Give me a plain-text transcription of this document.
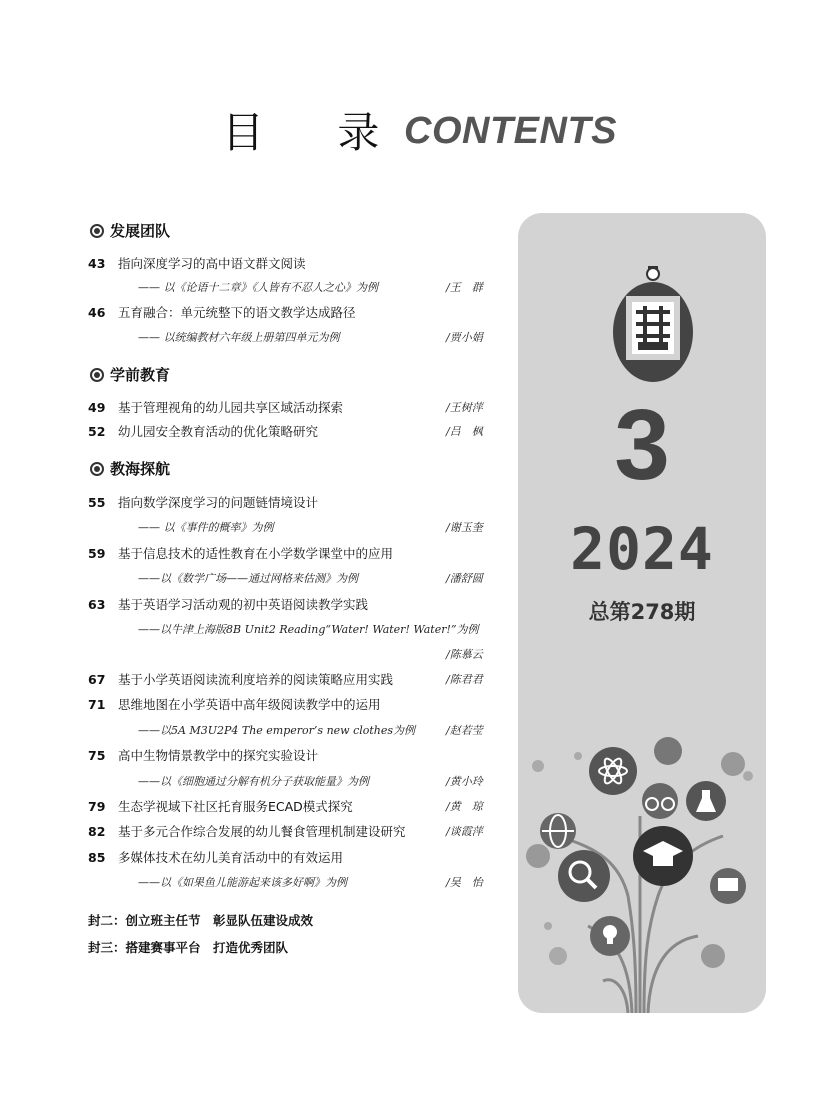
目 录
CONTENTS
发展团队
43 指向深度学习的高中语文群文阅读
—— 以《论语十二章》《人皆有不忍人之心》为例	/王　群
46 五育融合：单元统整下的语文教学达成路径
—— 以统编教材六年级上册第四单元为例	/贾小娟
学前教育
49 基于管理视角的幼儿园共享区域活动探索	/王树萍
52 幼儿园安全教育活动的优化策略研究	/吕　枫
教海探航
55 指向数学深度学习的问题链情境设计
—— 以《事件的概率》为例	/谢玉奎
59 基于信息技术的适性教育在小学数学课堂中的应用
——以《数学广场——通过网格来估测》为例	/潘舒圆
63 基于英语学习活动观的初中英语阅读教学实践
——以牛津上海版8B Unit2 Reading“Water! Water! Water!”为例
/陈慕云
67 基于小学英语阅读流利度培养的阅读策略应用实践	/陈君君
71 思维地图在小学英语中高年级阅读教学中的运用
——以5A M3U2P4 The emperor’s new clothes为例	/赵若莹
75 高中生物情景教学中的探究实验设计
——以《细胞通过分解有机分子获取能量》为例	/黄小玲
79 生态学视域下社区托育服务ECAD模式探究	/黄　琼
82 基于多元合作综合发展的幼儿餐食管理机制建设研究	/谈霞萍
85 多媒体技术在幼儿美育活动中的有效运用
——以《如果鱼儿能游起来该多好啊》为例	/吴　怡
封二：创立班主任节　彰显队伍建设成效
封三：搭建赛事平台　打造优秀团队
3
2024
总第278期
